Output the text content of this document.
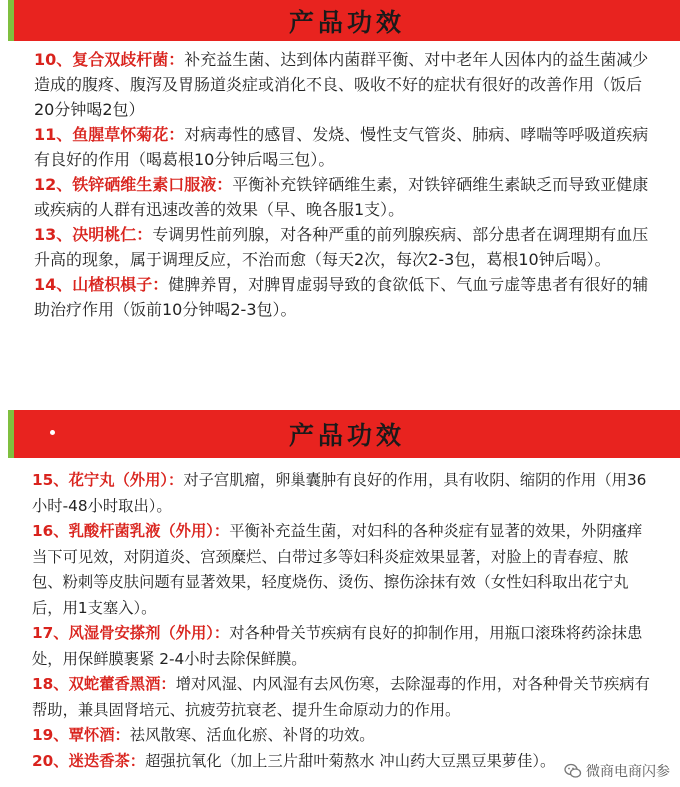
产品功效

10、复合双歧杆菌：补充益生菌、达到体内菌群平衡、对中老年人因体内的益生菌减少造成的腹疼、腹泻及胃肠道炎症或消化不良、吸收不好的症状有很好的改善作用（饭后20分钟喝2包）

11、鱼腥草怀菊花：对病毒性的感冒、发烧、慢性支气管炎、肺病、哮喘等呼吸道疾病有良好的作用（喝葛根10分钟后喝三包）。

12、铁锌硒维生素口服液：平衡补充铁锌硒维生素，对铁锌硒维生素缺乏而导致亚健康或疾病的人群有迅速改善的效果（早、晚各服1支）。

13、决明桃仁：专调男性前列腺，对各种严重的前列腺疾病、部分患者在调理期有血压升高的现象，属于调理反应，不治而愈（每天2次，每次2-3包，葛根10钟后喝）。

14、山楂枳椇子：健脾养胃，对脾胃虚弱导致的食欲低下、气血亏虚等患者有很好的辅助治疗作用（饭前10分钟喝2-3包）。

产品功效

15、花宁丸（外用）：对子宫肌瘤，卵巢囊肿有良好的作用，具有收阴、缩阴的作用（用36小时-48小时取出）。

16、乳酸杆菌乳液（外用）：平衡补充益生菌，对妇科的各种炎症有显著的效果，外阴瘙痒当下可见效，对阴道炎、宫颈糜烂、白带过多等妇科炎症效果显著，对脸上的青春痘、脓包、粉刺等皮肤问题有显著效果，轻度烧伤、烫伤、擦伤涂抹有效（女性妇科取出花宁丸后，用1支塞入）。

17、风湿骨安搽剂（外用）：对各种骨关节疾病有良好的抑制作用，用瓶口滚珠将药涂抹患处，用保鲜膜裹紧 2-4小时去除保鲜膜。

18、双蛇藿香黑酒：增对风湿、内风湿有去风伤寒，去除湿毒的作用，对各种骨关节疾病有帮助，兼具固肾培元、抗疲劳抗衰老、提升生命原动力的作用。

19、覃怀酒：祛风散寒、活血化瘀、补肾的功效。

20、迷迭香茶：超强抗氧化（加上三片甜叶菊熬水 冲山药大豆黑豆果萝佳）。

微商电商闪参
